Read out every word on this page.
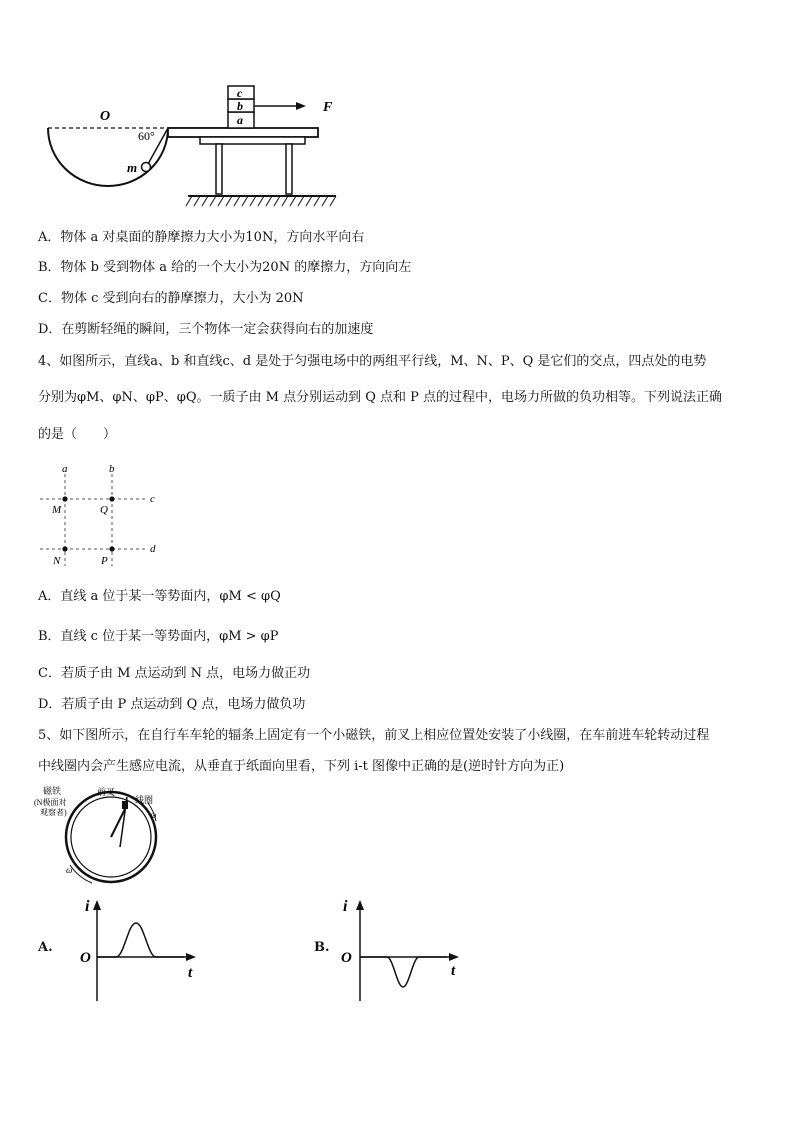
O
60°
m
a
b
c
F
A．物体 a 对桌面的静摩擦力大小为10N，方向水平向右
B．物体 b 受到物体 a 给的一个大小为20N 的摩擦力，方向向左
C．物体 c 受到向右的静摩擦力，大小为 20N
D．在剪断轻绳的瞬间，三个物体一定会获得向右的加速度
4、如图所示，直线a、b 和直线c、d 是处于匀强电场中的两组平行线，M、N、P、Q 是它们的交点，四点处的电势
分别为φM、φN、φP、φQ。一质子由 M 点分别运动到 Q 点和 P 点的过程中，电场力所做的负功相等。下列说法正确
的是（　　）
a	b
c
d
M	Q
N	P
A．直线 a 位于某一等势面内，φM < φQ
B．直线 c 位于某一等势面内，φM > φP
C．若质子由 M 点运动到 N 点，电场力做正功
D．若质子由 P 点运动到 Q 点，电场力做负功
5、如下图所示，在自行车车轮的辐条上固定有一个小磁铁，前叉上相应位置处安装了小线圈，在车前进车轮转动过程
中线圈内会产生感应电流，从垂直于纸面向里看，下列 i-t 图像中正确的是(逆时针方向为正)
磁铁
(N极面对
观察者)
前叉
线圈
ω
ω
A.
i
O
t
B.
i
O
t
